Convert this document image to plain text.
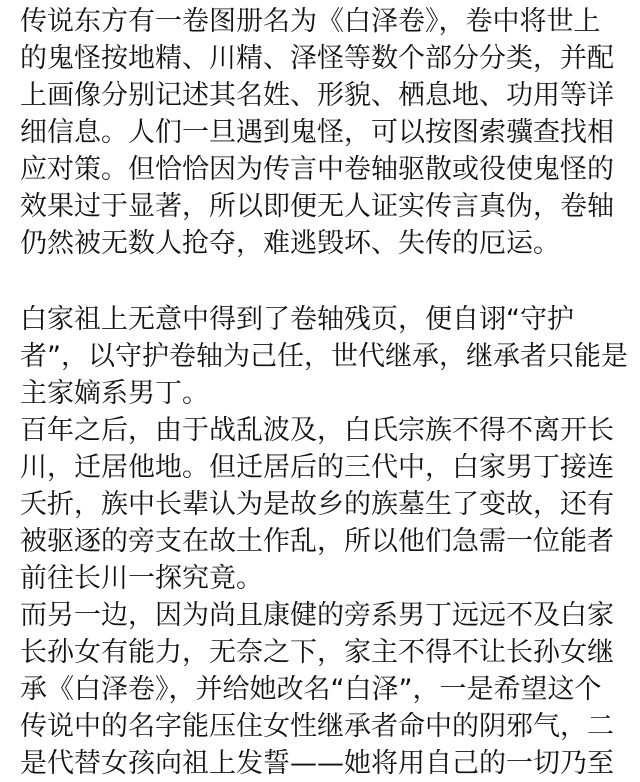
传说东方有一卷图册名为《白泽卷》，卷中将世上
的鬼怪按地精、川精、泽怪等数个部分分类，并配
上画像分别记述其名姓、形貌、栖息地、功用等详
细信息。人们一旦遇到鬼怪，可以按图索骥查找相
应对策。但恰恰因为传言中卷轴驱散或役使鬼怪的
效果过于显著，所以即便无人证实传言真伪，卷轴
仍然被无数人抢夺，难逃毁坏、失传的厄运。
白家祖上无意中得到了卷轴残页，便自诩“守护
者”，以守护卷轴为己任，世代继承，继承者只能是
主家嫡系男丁。
百年之后，由于战乱波及，白氏宗族不得不离开长
川，迁居他地。但迁居后的三代中，白家男丁接连
夭折，族中长辈认为是故乡的族墓生了变故，还有
被驱逐的旁支在故土作乱，所以他们急需一位能者
前往长川一探究竟。
而另一边，因为尚且康健的旁系男丁远远不及白家
长孙女有能力，无奈之下，家主不得不让长孙女继
承《白泽卷》，并给她改名“白泽”，一是希望这个
传说中的名字能压住女性继承者命中的阴邪气，二
是代替女孩向祖上发誓——她将用自己的一切乃至
